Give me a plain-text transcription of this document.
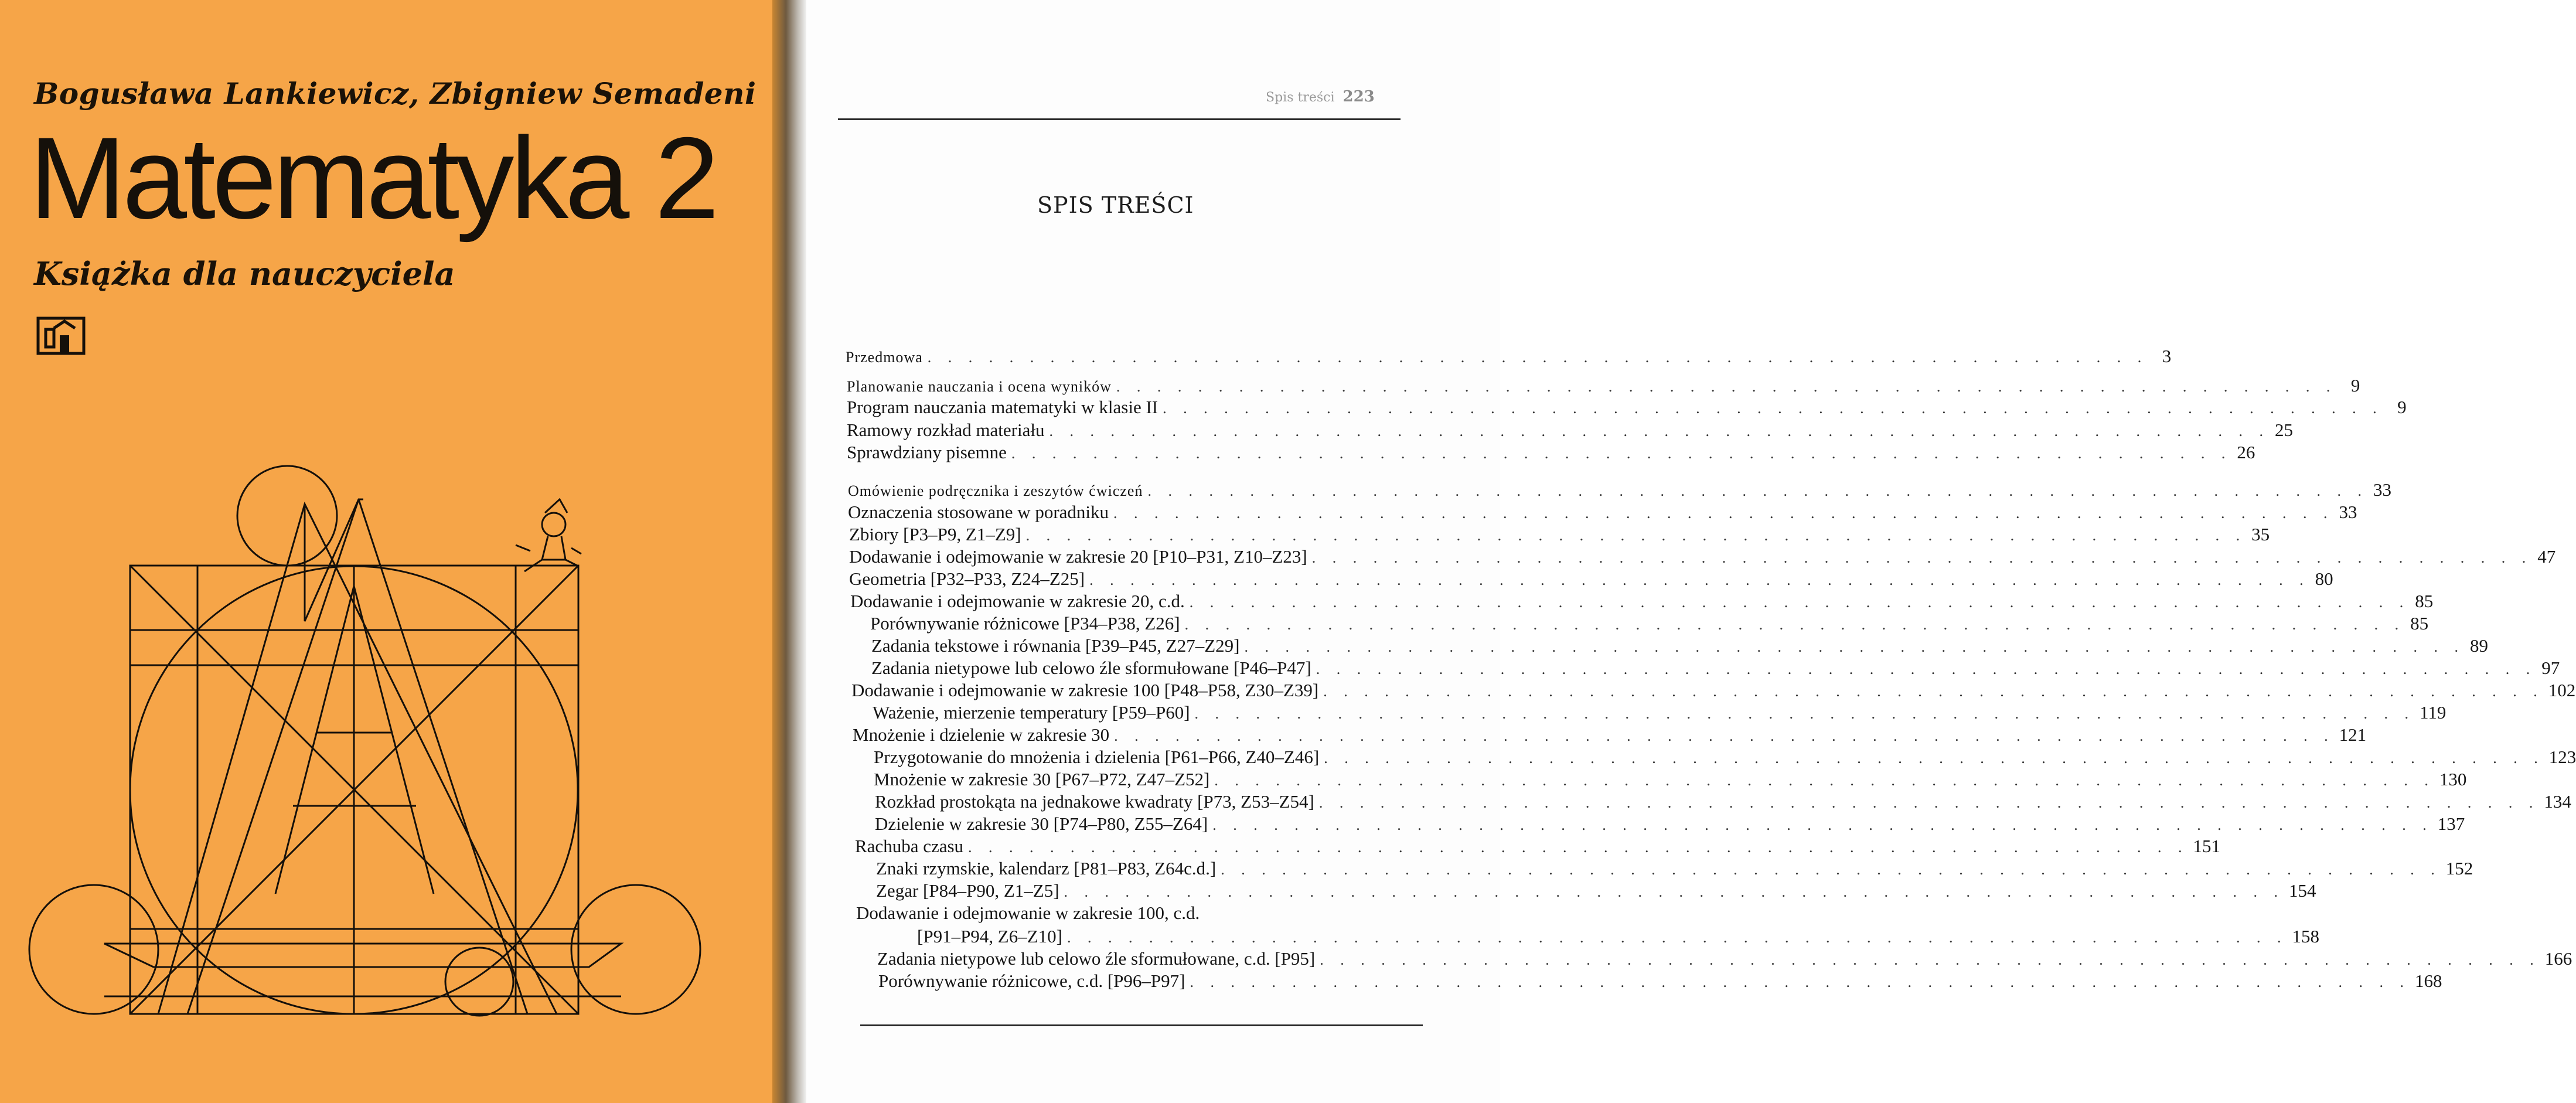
Bogusława Lankiewicz, Zbigniew Semadeni
Matematyka 2
Książka dla nauczyciela
Spis treści 223
SPIS TREŚCI
Przedmowa . . . . . . . . . . . . . . . . . . . . . . . . . . . . . . . . . . . . . . . . . . . . . . . . . . . . . . . . . . . . 3
Planowanie nauczania i ocena wyników . . . . . . . . . . . . . . . . . . . . . . . . . . . . . . . . . . . . . . . . . . . . . . . . . . . . . . . . . . . . 9
Program nauczania matematyki w klasie II . . . . . . . . . . . . . . . . . . . . . . . . . . . . . . . . . . . . . . . . . . . . . . . . . . . . . . . . . . . . 9
Ramowy rozkład materiału . . . . . . . . . . . . . . . . . . . . . . . . . . . . . . . . . . . . . . . . . . . . . . . . . . . . . . . . . . . . 25
Sprawdziany pisemne . . . . . . . . . . . . . . . . . . . . . . . . . . . . . . . . . . . . . . . . . . . . . . . . . . . . . . . . . . . . 26
Omówienie podręcznika i zeszytów ćwiczeń . . . . . . . . . . . . . . . . . . . . . . . . . . . . . . . . . . . . . . . . . . . . . . . . . . . . . . . . . . . . 33
Oznaczenia stosowane w poradniku . . . . . . . . . . . . . . . . . . . . . . . . . . . . . . . . . . . . . . . . . . . . . . . . . . . . . . . . . . . . 33
Zbiory [P3–P9, Z1–Z9] . . . . . . . . . . . . . . . . . . . . . . . . . . . . . . . . . . . . . . . . . . . . . . . . . . . . . . . . . . . . 35
Dodawanie i odejmowanie w zakresie 20 [P10–P31, Z10–Z23] . . . . . . . . . . . . . . . . . . . . . . . . . . . . . . . . . . . . . . . . . . . . . . . . . . . . . . . . . . . . 47
Geometria [P32–P33, Z24–Z25] . . . . . . . . . . . . . . . . . . . . . . . . . . . . . . . . . . . . . . . . . . . . . . . . . . . . . . . . . . . . 80
Dodawanie i odejmowanie w zakresie 20, c.d. . . . . . . . . . . . . . . . . . . . . . . . . . . . . . . . . . . . . . . . . . . . . . . . . . . . . . . . . . . . . 85
Porównywanie różnicowe [P34–P38, Z26] . . . . . . . . . . . . . . . . . . . . . . . . . . . . . . . . . . . . . . . . . . . . . . . . . . . . . . . . . . . . 85
Zadania tekstowe i równania [P39–P45, Z27–Z29] . . . . . . . . . . . . . . . . . . . . . . . . . . . . . . . . . . . . . . . . . . . . . . . . . . . . . . . . . . . . 89
Zadania nietypowe lub celowo źle sformułowane [P46–P47] . . . . . . . . . . . . . . . . . . . . . . . . . . . . . . . . . . . . . . . . . . . . . . . . . . . . . . . . . . . . 97
Dodawanie i odejmowanie w zakresie 100 [P48–P58, Z30–Z39] . . . . . . . . . . . . . . . . . . . . . . . . . . . . . . . . . . . . . . . . . . . . . . . . . . . . . . . . . . . . 102
Ważenie, mierzenie temperatury [P59–P60] . . . . . . . . . . . . . . . . . . . . . . . . . . . . . . . . . . . . . . . . . . . . . . . . . . . . . . . . . . . . 119
Mnożenie i dzielenie w zakresie 30 . . . . . . . . . . . . . . . . . . . . . . . . . . . . . . . . . . . . . . . . . . . . . . . . . . . . . . . . . . . . 121
Przygotowanie do mnożenia i dzielenia [P61–P66, Z40–Z46] . . . . . . . . . . . . . . . . . . . . . . . . . . . . . . . . . . . . . . . . . . . . . . . . . . . . . . . . . . . . 123
Mnożenie w zakresie 30 [P67–P72, Z47–Z52] . . . . . . . . . . . . . . . . . . . . . . . . . . . . . . . . . . . . . . . . . . . . . . . . . . . . . . . . . . . . 130
Rozkład prostokąta na jednakowe kwadraty [P73, Z53–Z54] . . . . . . . . . . . . . . . . . . . . . . . . . . . . . . . . . . . . . . . . . . . . . . . . . . . . . . . . . . . . 134
Dzielenie w zakresie 30 [P74–P80, Z55–Z64] . . . . . . . . . . . . . . . . . . . . . . . . . . . . . . . . . . . . . . . . . . . . . . . . . . . . . . . . . . . . 137
Rachuba czasu . . . . . . . . . . . . . . . . . . . . . . . . . . . . . . . . . . . . . . . . . . . . . . . . . . . . . . . . . . . . 151
Znaki rzymskie, kalendarz [P81–P83, Z64c.d.] . . . . . . . . . . . . . . . . . . . . . . . . . . . . . . . . . . . . . . . . . . . . . . . . . . . . . . . . . . . . 152
Zegar [P84–P90, Z1–Z5] . . . . . . . . . . . . . . . . . . . . . . . . . . . . . . . . . . . . . . . . . . . . . . . . . . . . . . . . . . . . 154
Dodawanie i odejmowanie w zakresie 100, c.d.
[P91–P94, Z6–Z10] . . . . . . . . . . . . . . . . . . . . . . . . . . . . . . . . . . . . . . . . . . . . . . . . . . . . . . . . . . . . 158
Zadania nietypowe lub celowo źle sformułowane, c.d. [P95] . . . . . . . . . . . . . . . . . . . . . . . . . . . . . . . . . . . . . . . . . . . . . . . . . . . . . . . . . . . . 166
Porównywanie różnicowe, c.d. [P96–P97] . . . . . . . . . . . . . . . . . . . . . . . . . . . . . . . . . . . . . . . . . . . . . . . . . . . . . . . . . . . . 168
